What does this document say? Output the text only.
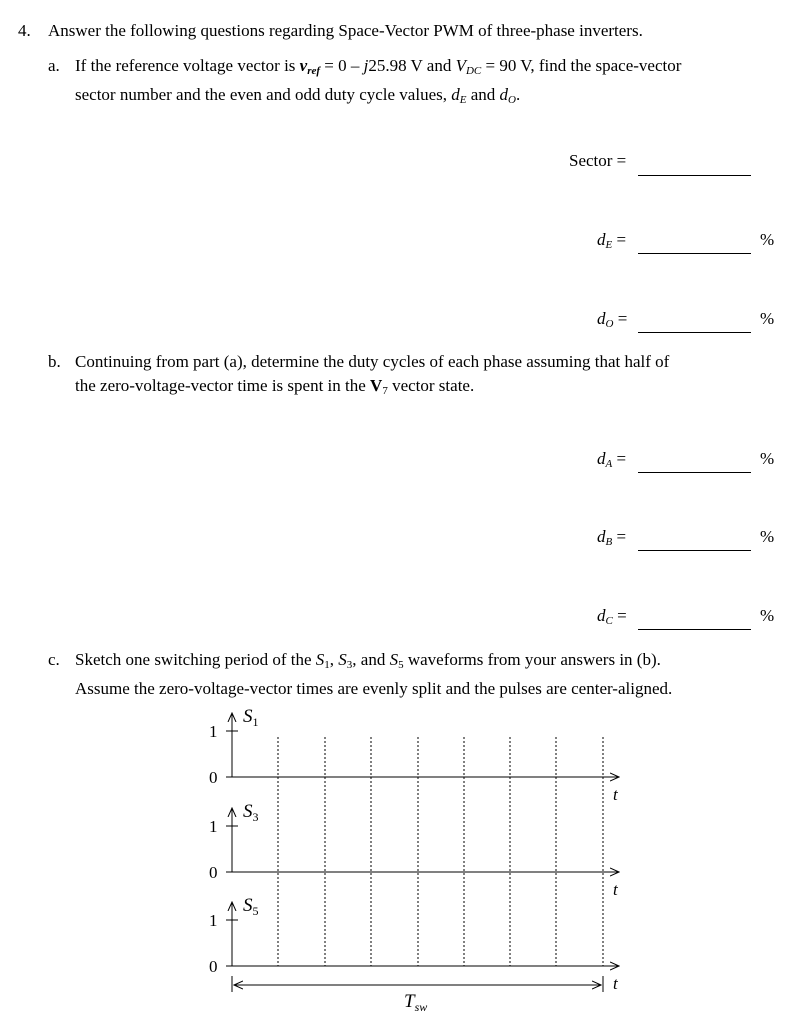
4. Answer the following questions regarding Space-Vector PWM of three-phase inverters.
a. If the reference voltage vector is $v_{ref} = 0 - j25.98$ V and $V_{DC} = 90$ V, find the space-vector
sector number and the even and odd duty cycle values, $d_E$ and $d_O$.
Sector =
$d_E$ =	%
$d_O$ =	%
b. Continuing from part (a), determine the duty cycles of each phase assuming that half of
the zero-voltage-vector time is spent in the $V_7$ vector state.
$d_A$ =	%
$d_B$ =	%
$d_C$ =	%
c. Sketch one switching period of the $S_1$, $S_3$, and $S_5$ waveforms from your answers in (b).
Assume the zero-voltage-vector times are evenly split and the pulses are center-aligned.
1
0
$S_1$
t
1
0
$S_3$
t
1
0
$S_5$
t
$T_{sw}$
